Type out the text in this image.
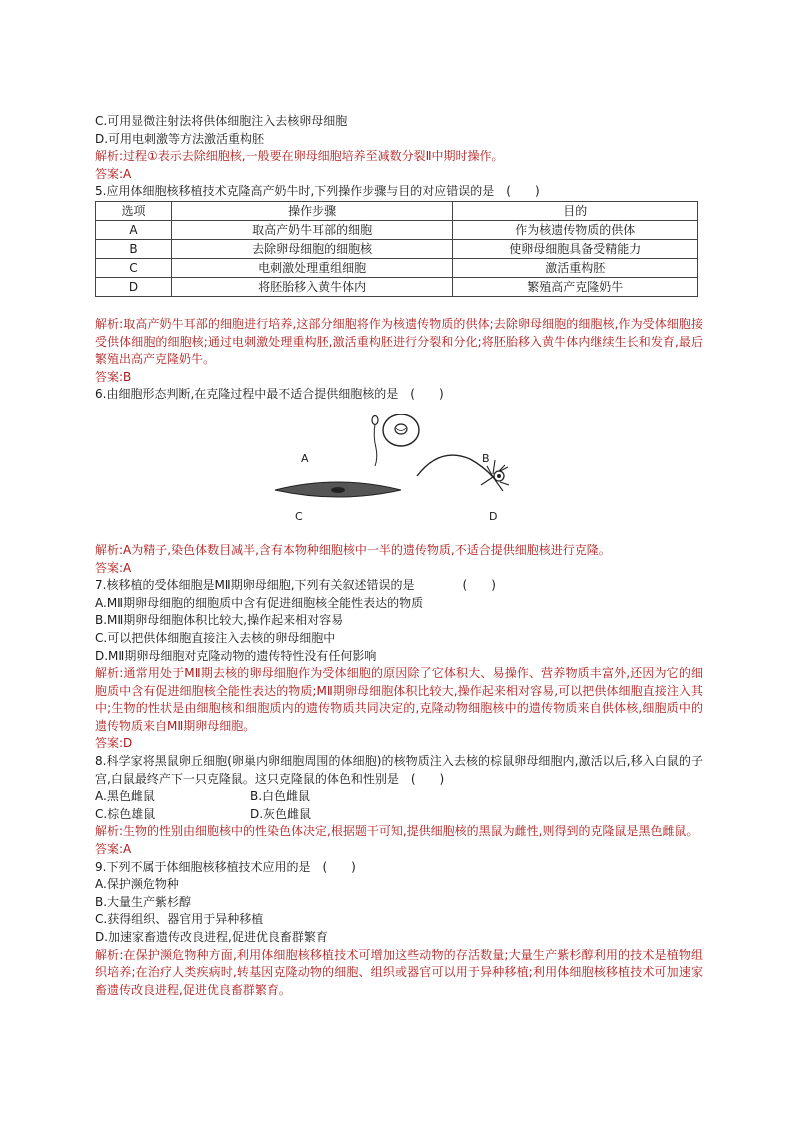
C.可用显微注射法将供体细胞注入去核卵母细胞
D.可用电刺激等方法激活重构胚
解析:过程①表示去除细胞核,一般要在卵母细胞培养至减数分裂Ⅱ中期时操作。
答案:A
5.应用体细胞核移植技术克隆高产奶牛时,下列操作步骤与目的对应错误的是　(　　)
选项	操作步骤	目的
A	取高产奶牛耳部的细胞	作为核遗传物质的供体
B	去除卵母细胞的细胞核	使卵母细胞具备受精能力
C	电刺激处理重组细胞	激活重构胚
D	将胚胎移入黄牛体内	繁殖高产克隆奶牛
解析:取高产奶牛耳部的细胞进行培养,这部分细胞将作为核遗传物质的供体;去除卵母细胞的细胞核,作为受体细胞接受供体细胞的细胞核;通过电刺激处理重构胚,激活重构胚进行分裂和分化;将胚胎移入黄牛体内继续生长和发育,最后繁殖出高产克隆奶牛。
答案:B
6.由细胞形态判断,在克隆过程中最不适合提供细胞核的是　(　　)
A	B
C	D
解析:A为精子,染色体数目减半,含有本物种细胞核中一半的遗传物质,不适合提供细胞核进行克隆。
答案:A
7.核移植的受体细胞是MⅡ期卵母细胞,下列有关叙述错误的是　　　　(　　)
A.MⅡ期卵母细胞的细胞质中含有促进细胞核全能性表达的物质
B.MⅡ期卵母细胞体积比较大,操作起来相对容易
C.可以把供体细胞直接注入去核的卵母细胞中
D.MⅡ期卵母细胞对克隆动物的遗传特性没有任何影响
解析:通常用处于MⅡ期去核的卵母细胞作为受体细胞的原因除了它体积大、易操作、营养物质丰富外,还因为它的细胞质中含有促进细胞核全能性表达的物质;MⅡ期卵母细胞体积比较大,操作起来相对容易,可以把供体细胞直接注入其中;生物的性状是由细胞核和细胞质内的遗传物质共同决定的,克隆动物细胞核中的遗传物质来自供体核,细胞质中的遗传物质来自MⅡ期卵母细胞。
答案:D
8.科学家将黑鼠卵丘细胞(卵巢内卵细胞周围的体细胞)的核物质注入去核的棕鼠卵母细胞内,激活以后,移入白鼠的子宫,白鼠最终产下一只克隆鼠。这只克隆鼠的体色和性别是　(　　)
A.黑色雌鼠	B.白色雌鼠
C.棕色雄鼠	D.灰色雌鼠
解析:生物的性别由细胞核中的性染色体决定,根据题干可知,提供细胞核的黑鼠为雌性,则得到的克隆鼠是黑色雌鼠。
答案:A
9.下列不属于体细胞核移植技术应用的是　(　　)
A.保护濒危物种
B.大量生产紫杉醇
C.获得组织、器官用于异种移植
D.加速家畜遗传改良进程,促进优良畜群繁育
解析:在保护濒危物种方面,利用体细胞核移植技术可增加这些动物的存活数量;大量生产紫杉醇利用的技术是植物组织培养;在治疗人类疾病时,转基因克隆动物的细胞、组织或器官可以用于异种移植;利用体细胞核移植技术可加速家畜遗传改良进程,促进优良畜群繁育。
